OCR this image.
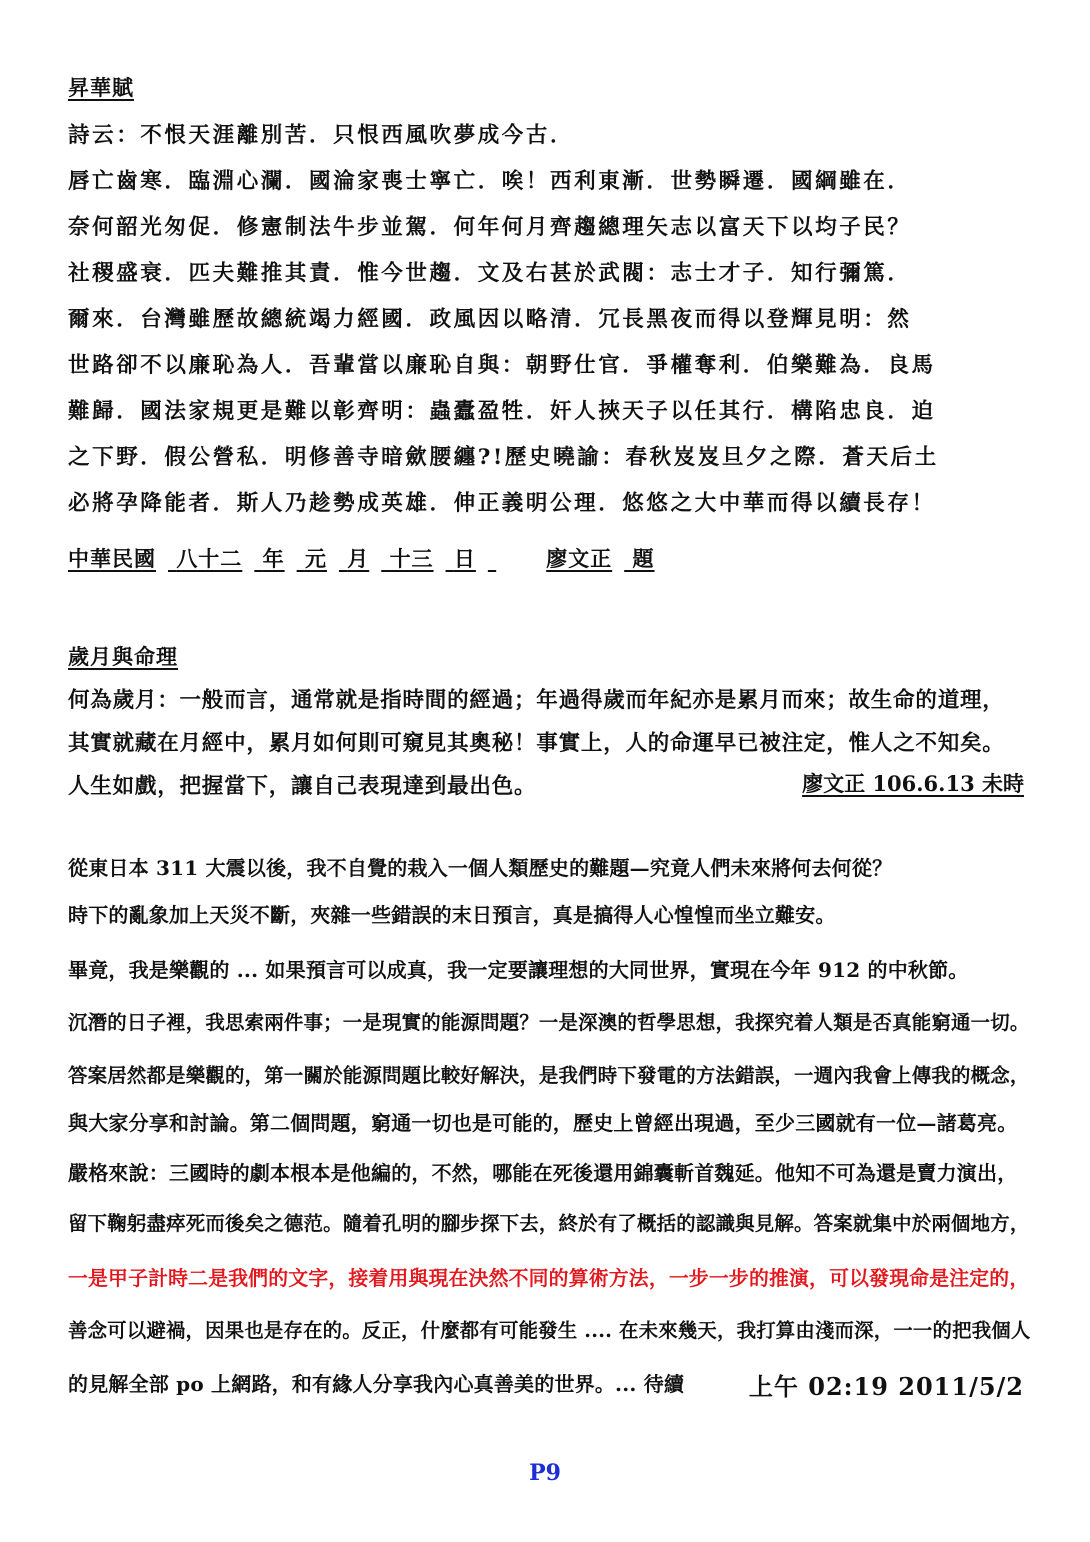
昇華賦
詩云：不恨天涯離別苦．只恨西風吹夢成今古．
唇亡齒寒．臨淵心瀾．國淪家喪士寧亡．唉！西利東漸．世勢瞬遷．國綱雖在．
奈何韶光匆促．修憲制法牛步並駕．何年何月齊趨總理矢志以富天下以均子民？
社稷盛衰．匹夫難推其責．惟今世趨．文及右甚於武閥：志士才子．知行彌篤．
爾來．台灣雖歷故總統竭力經國．政風因以略清．冗長黑夜而得以登輝見明：然
世路卻不以廉恥為人．吾輩當以廉恥自與：朝野仕官．爭權奪利．伯樂難為．良馬
難歸．國法家規更是難以彰齊明：蟲蠹盈牲．奸人挾天子以任其行．構陷忠良．迫
之下野．假公營私．明修善寺暗歛腰纏?!歷史曉諭：春秋岌岌旦夕之際．蒼天后土
必將孕降能者．斯人乃趁勢成英雄．伸正義明公理．悠悠之大中華而得以續長存！
中華民國 八十二 年 元 月 十三 日	廖文正 題
歲月與命理
何為歲月：一般而言，通常就是指時間的經過；年過得歲而年紀亦是累月而來；故生命的道理，
其實就藏在月經中，累月如何則可窺見其奧秘！事實上，人的命運早已被注定，惟人之不知矣。
人生如戲，把握當下，讓自己表現達到最出色。	廖文正 106.6.13 未時
從東日本 311 大震以後，我不自覺的栽入一個人類歷史的難題—究竟人們未來將何去何從？
時下的亂象加上天災不斷，夾雜一些錯誤的末日預言，真是搞得人心惶惶而坐立難安。
畢竟，我是樂觀的 ... 如果預言可以成真，我一定要讓理想的大同世界，實現在今年 912 的中秋節。
沉潛的日子裡，我思索兩件事；一是現實的能源問題？一是深澳的哲學思想，我探究着人類是否真能窮通一切。
答案居然都是樂觀的，第一關於能源問題比較好解決，是我們時下發電的方法錯誤，一週內我會上傳我的概念，
與大家分享和討論。第二個問題，窮通一切也是可能的，歷史上曾經出現過，至少三國就有一位—諸葛亮。
嚴格來說：三國時的劇本根本是他編的，不然，哪能在死後還用錦囊斬首魏延。他知不可為還是賣力演出，
留下鞠躬盡瘁死而後矣之德范。隨着孔明的腳步探下去，終於有了概括的認識與見解。答案就集中於兩個地方，
一是甲子計時二是我們的文字，接着用與現在決然不同的算術方法，一步一步的推演，可以發現命是注定的，
善念可以避禍，因果也是存在的。反正，什麼都有可能發生 .... 在未來幾天，我打算由淺而深，一一的把我個人
的見解全部 po 上網路，和有緣人分享我內心真善美的世界。... 待續	上午 02:19 2011/5/2
P9
